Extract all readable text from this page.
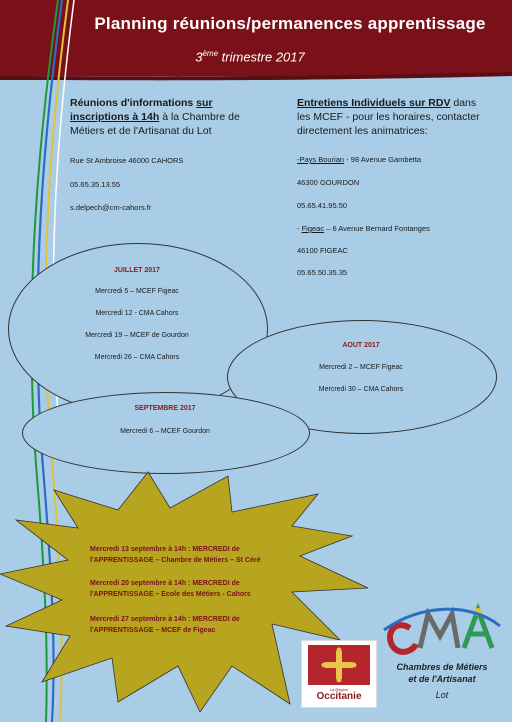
Planning réunions/permanences apprentissage
3ème trimestre 2017
Réunions d'informations sur
inscriptions à 14h à la Chambre de
Métiers et de l'Artisanat du Lot
Rue St Ambroise 46000 CAHORS
05.65.35.13.55
s.delpech@cm-cahors.fr
Entretiens Individuels sur RDV dans
les MCEF - pour les horaires, contacter
directement les animatrices:
-Pays Bourian - 98 Avenue Gambetta
46300 GOURDON
05.65.41.95.50
- Figeac – 6 Avenue Bernard Fontanges
46100 FIGEAC
05.65.50.35.35
JUILLET 2017
Mercredi 5 – MCEF Figeac
Mercredi 12 - CMA Cahors
Mercredi 19 – MCEF de Gourdon
Mercredi 26 – CMA Cahors
AOUT 2017
Mercredi 2 – MCEF Figeac
Mercredi 30 – CMA Cahors
SEPTEMBRE 2017
Mercredi 6 – MCEF Gourdon
Mercredi 13 septembre à 14h : MERCREDI de
l'APPRENTISSAGE – Chambre de Métiers – St Céré
Mercredi 20 septembre à 14h : MERCREDI de
l'APPRENTISSAGE – Ecole des Métiers - Cahors
Mercredi 27 septembre à 14h : MERCREDI de
l'APPRENTISSAGE – MCEF de Figeac
La Région
Occitanie
Chambres de Métiers
et de l'Artisanat
Lot
